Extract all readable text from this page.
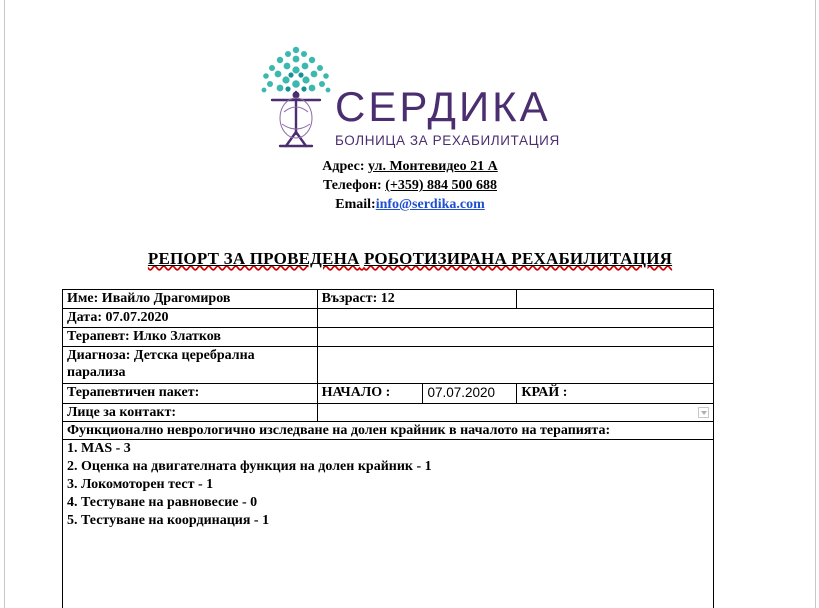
СЕРДИКА
БОЛНИЦА ЗА РЕХАБИЛИТАЦИЯ
Адрес: ул. Монтевидео 21 А
Телефон: (+359) 884 500 688
Email:info@serdika.com
РЕПОРТ ЗА ПРОВЕДЕНА РОБОТИЗИРАНА РЕХАБИЛИТАЦИЯ
Име: Ивайло Драгомиров	Възраст: 12		
Дата: 07.07.2020			
Терапевт: Илко Златков			
Диагноза: Детска церебрална парализа			
Терапевтичен пакет:	НАЧАЛО :	07.07.2020	КРАЙ :
Лице за контакт:			

Функционално неврологично изследване на долен крайник в началото на терапията:			

1. MAS - 3
2. Оценка на двигателната функция на долен крайник - 1
3. Локомоторен тест - 1
4. Тестуване на равновесие - 0
5. Тестуване на координация - 1			
